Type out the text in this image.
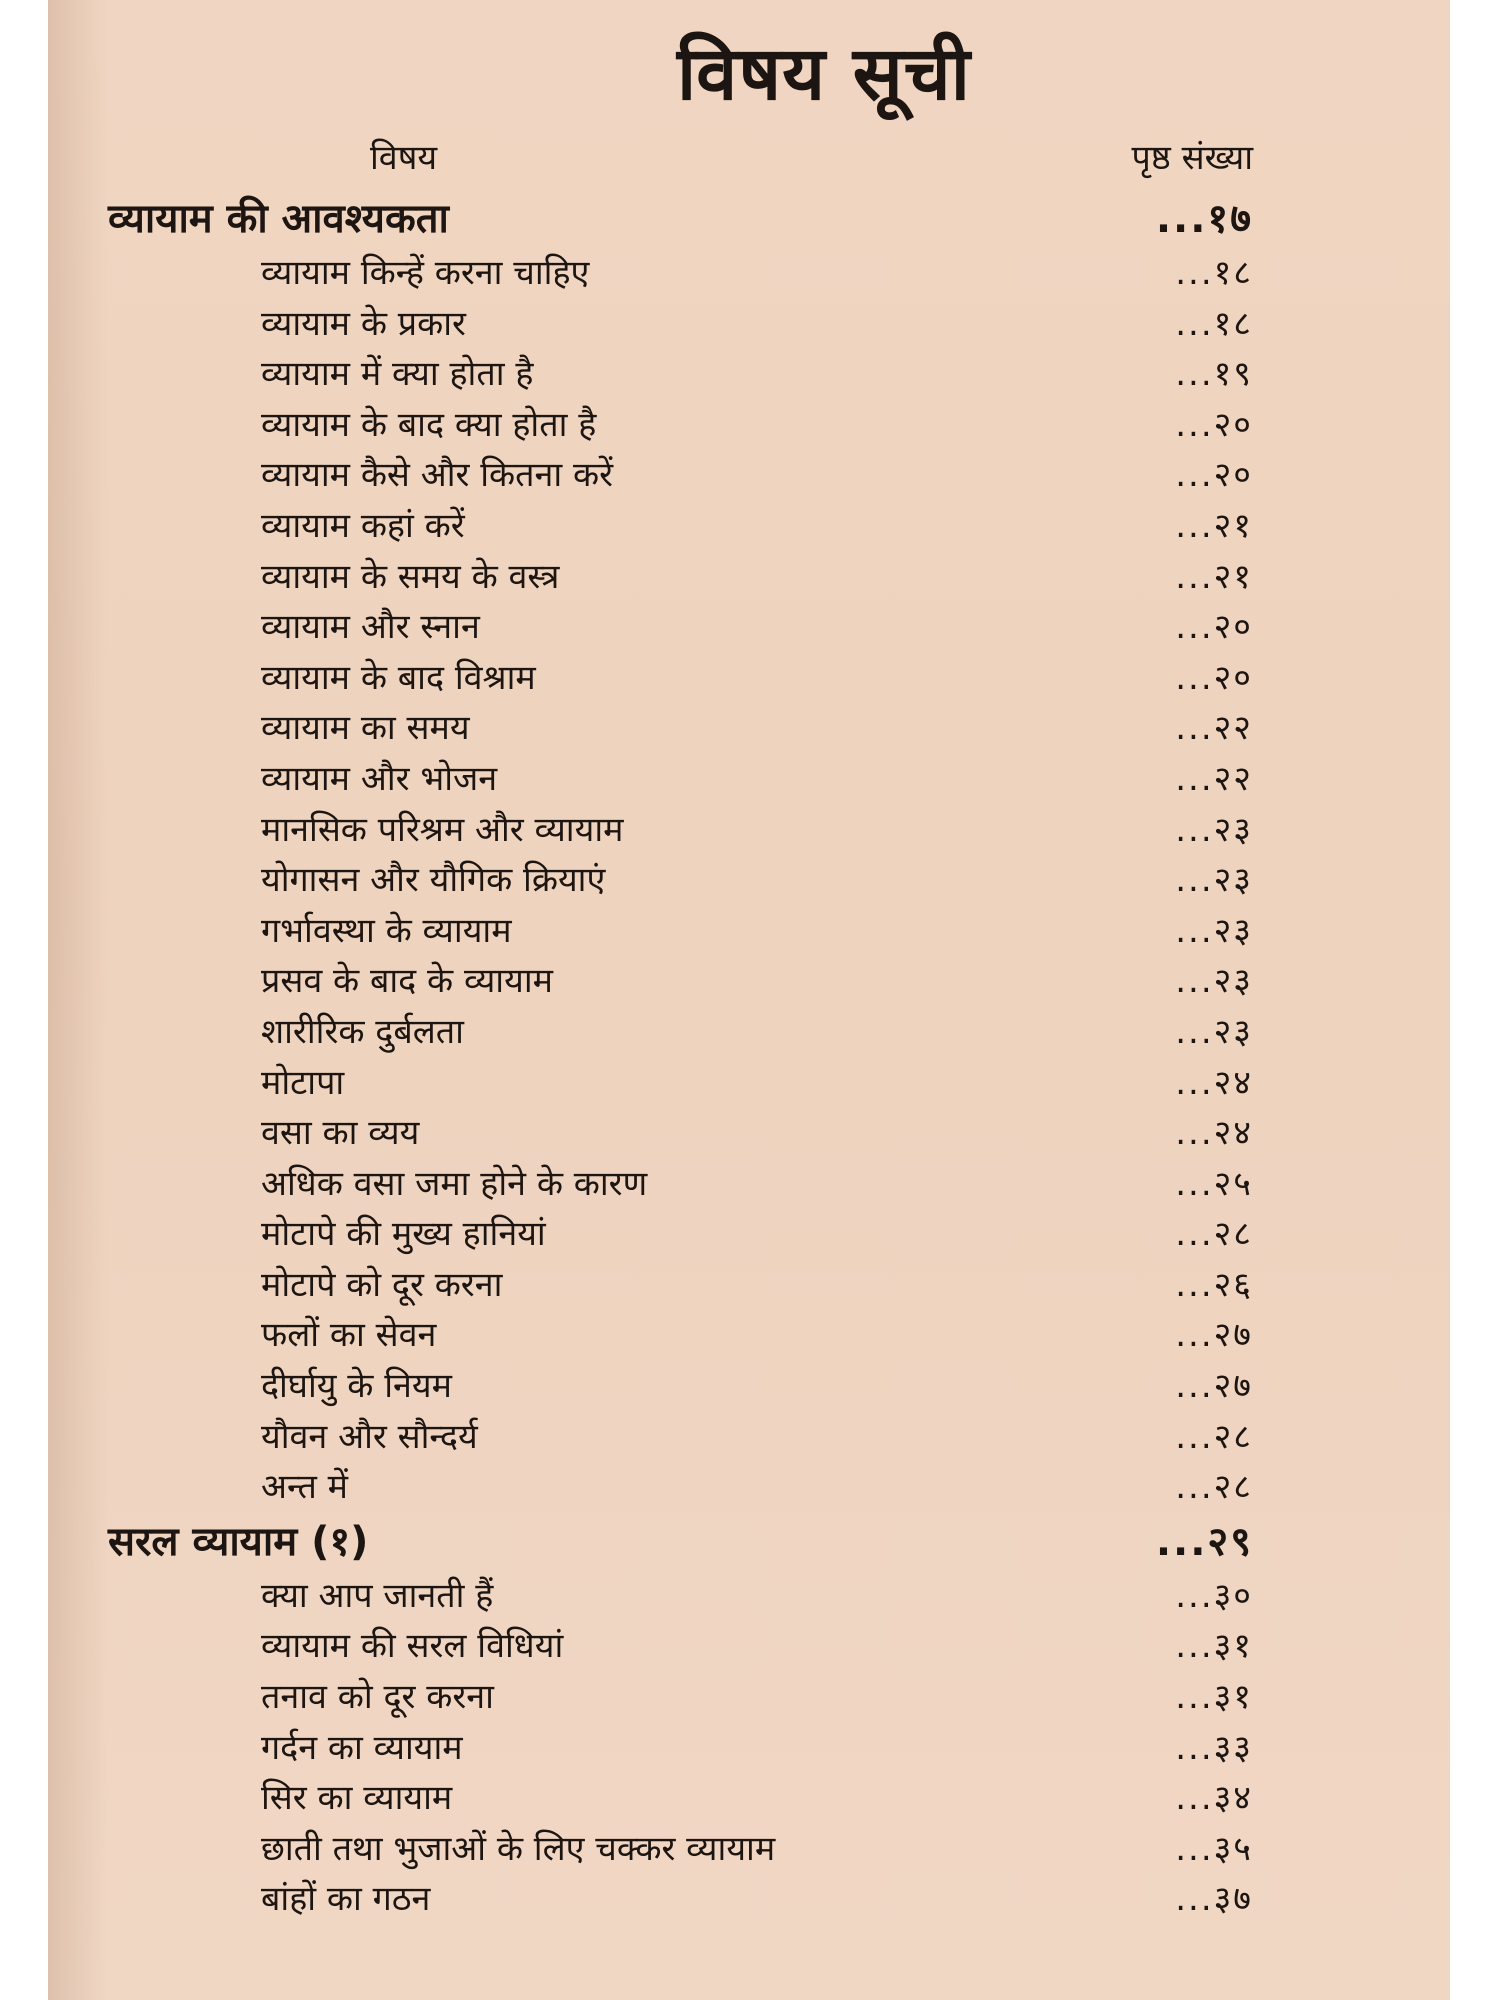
विषय सूची
विषय	पृष्ठ संख्या
व्यायाम की आवश्यकता	...१७
व्यायाम किन्हें करना चाहिए	...१८
व्यायाम के प्रकार	...१८
व्यायाम में क्या होता है	...१९
व्यायाम के बाद क्या होता है	...२०
व्यायाम कैसे और कितना करें	...२०
व्यायाम कहां करें	...२१
व्यायाम के समय के वस्त्र	...२१
व्यायाम और स्नान	...२०
व्यायाम के बाद विश्राम	...२०
व्यायाम का समय	...२२
व्यायाम और भोजन	...२२
मानसिक परिश्रम और व्यायाम	...२३
योगासन और यौगिक क्रियाएं	...२३
गर्भावस्था के व्यायाम	...२३
प्रसव के बाद के व्यायाम	...२३
शारीरिक दुर्बलता	...२३
मोटापा	...२४
वसा का व्यय	...२४
अधिक वसा जमा होने के कारण	...२५
मोटापे की मुख्य हानियां	...२८
मोटापे को दूर करना	...२६
फलों का सेवन	...२७
दीर्घायु के नियम	...२७
यौवन और सौन्दर्य	...२८
अन्त में	...२८
सरल व्यायाम (१)	...२९
क्या आप जानती हैं	...३०
व्यायाम की सरल विधियां	...३१
तनाव को दूर करना	...३१
गर्दन का व्यायाम	...३३
सिर का व्यायाम	...३४
छाती तथा भुजाओं के लिए चक्कर व्यायाम	...३५
बांहों का गठन	...३७
